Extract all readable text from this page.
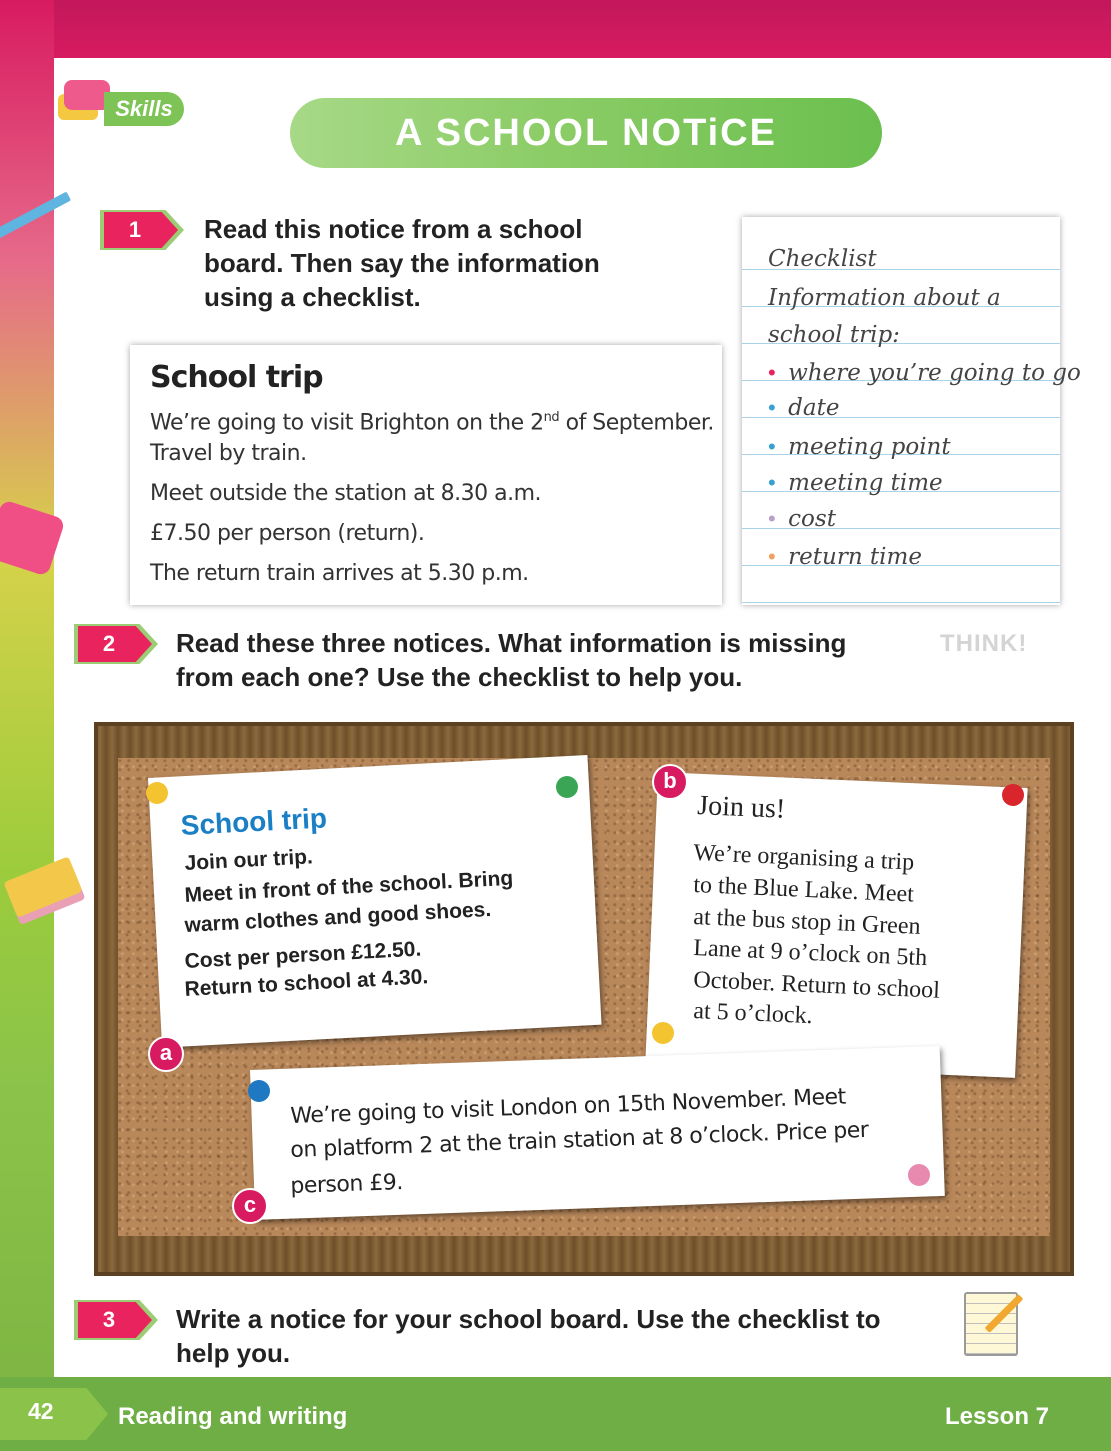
Skills
A SCHOOL NOTiCE
1	Read this notice from a school
board. Then say the information
using a checklist.
School trip
We’re going to visit Brighton on the 2nd of September.
Travel by train.
Meet outside the station at 8.30 a.m.
£7.50 per person (return).
The return train arrives at 5.30 p.m.
Checklist
Information about a
school trip:
• where you’re going to go
• date
• meeting point
• meeting time
• cost
• return time
2	Read these three notices. What information is missing
from each one? Use the checklist to help you.
THINK!
School trip
Join our trip.
Meet in front of the school. Bring
warm clothes and good shoes.
Cost per person £12.50.
Return to school at 4.30.
a
Join us!
We’re organising a trip
to the Blue Lake. Meet
at the bus stop in Green
Lane at 9 o’clock on 5th
October. Return to school
at 5 o’clock.
b
We’re going to visit London on 15th November. Meet
on platform 2 at the train station at 8 o’clock. Price per
person £9.
c
3	Write a notice for your school board. Use the checklist to
help you.
42	Reading and writing	Lesson 7
